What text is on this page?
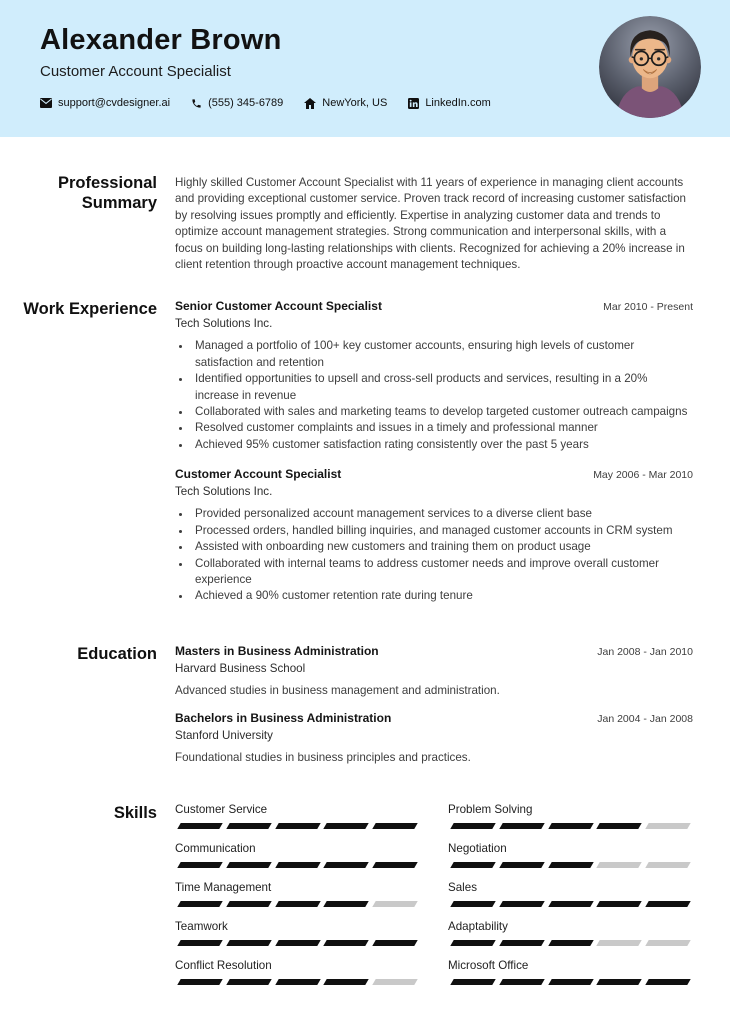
Alexander Brown
Customer Account Specialist
support@cvdesigner.ai	(555) 345-6789	NewYork, US	LinkedIn.com
Professional Summary

Highly skilled Customer Account Specialist with 11 years of experience in managing client accounts and providing exceptional customer service. Proven track record of increasing customer satisfaction by resolving issues promptly and efficiently. Expertise in analyzing customer data and trends to optimize account management strategies. Strong communication and interpersonal skills, with a focus on building long-lasting relationships with clients. Recognized for achieving a 20% increase in client retention through proactive account management techniques.

Work Experience Senior Customer Account Specialist	Mar 2010 - Present
Tech Solutions Inc.
• Managed a portfolio of 100+ key customer accounts, ensuring high levels of customer satisfaction and retention
• Identified opportunities to upsell and cross-sell products and services, resulting in a 20% increase in revenue
• Collaborated with sales and marketing teams to develop targeted customer outreach campaigns
• Resolved customer complaints and issues in a timely and professional manner
• Achieved 95% customer satisfaction rating consistently over the past 5 years
Customer Account Specialist	May 2006 - Mar 2010
Tech Solutions Inc.
• Provided personalized account management services to a diverse client base
• Processed orders, handled billing inquiries, and managed customer accounts in CRM system
• Assisted with onboarding new customers and training them on product usage
• Collaborated with internal teams to address customer needs and improve overall customer experience
• Achieved a 90% customer retention rate during tenure
Education Masters in Business Administration	Jan 2008 - Jan 2010
Harvard Business School
Advanced studies in business management and administration.
Bachelors in Business Administration	Jan 2004 - Jan 2008
Stanford University
Foundational studies in business principles and practices.
Skills Customer Service
Communication
Time Management
Teamwork
Conflict Resolution
Problem Solving
Negotiation
Sales
Adaptability
Microsoft Office
